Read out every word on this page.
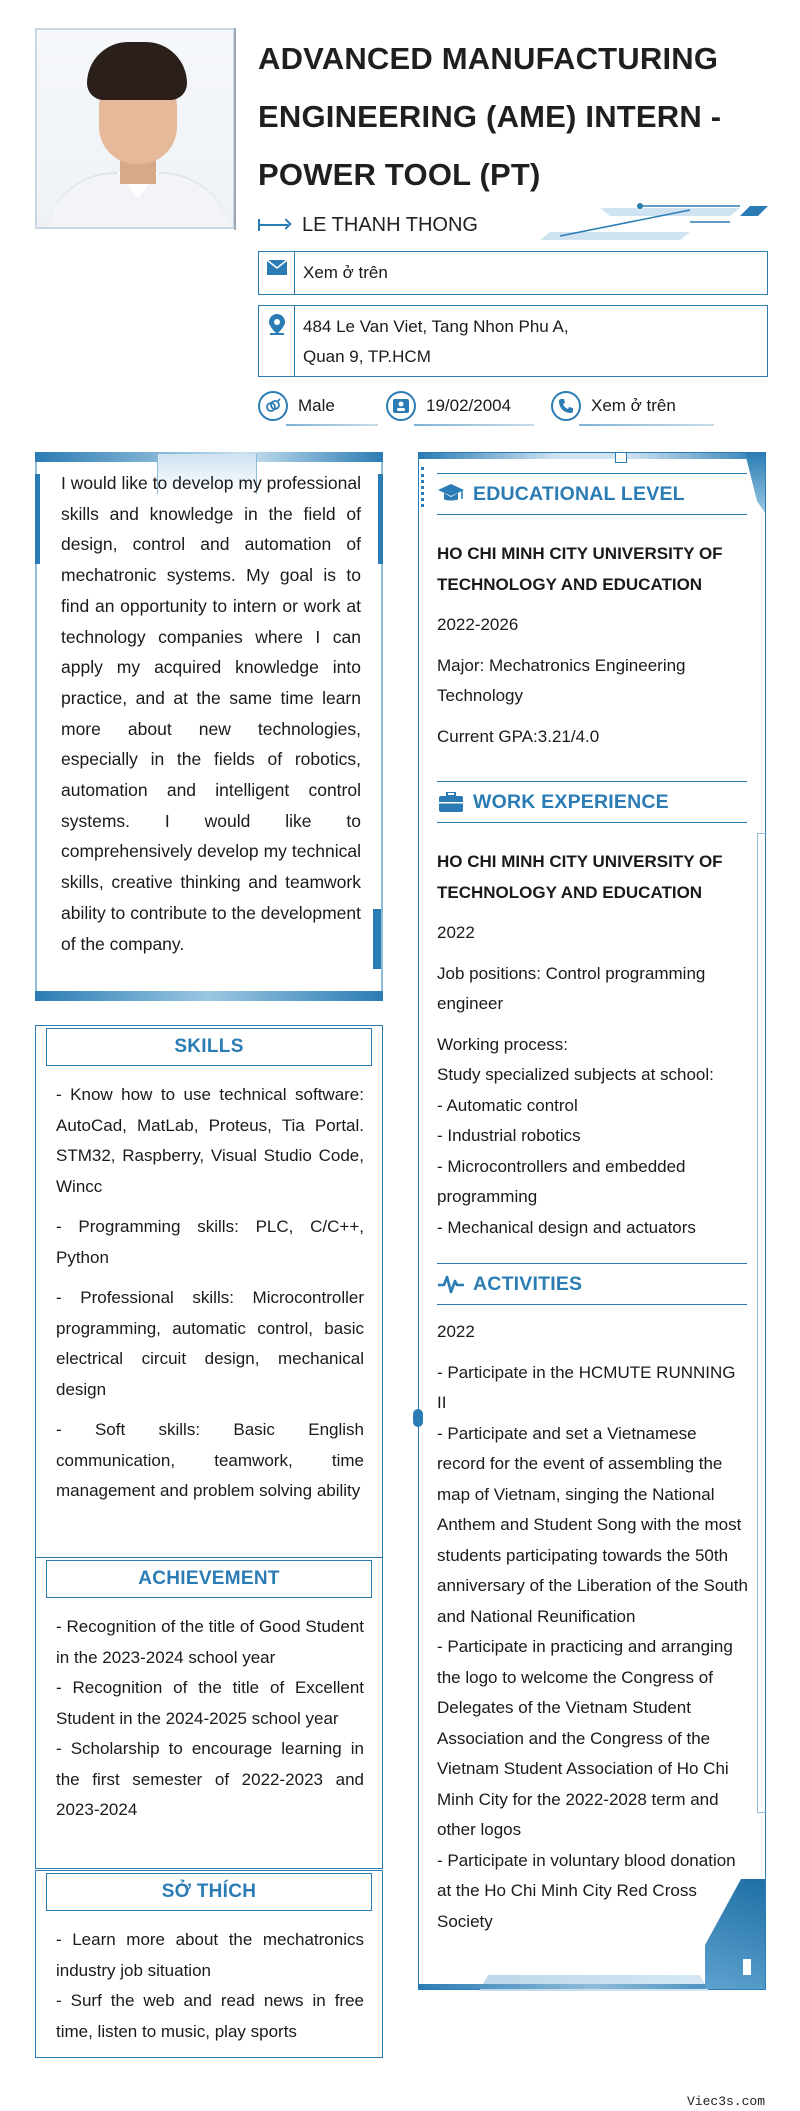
ADVANCED MANUFACTURING
ENGINEERING (AME) INTERN -
POWER TOOL (PT)
LE THANH THONG
Xem ở trên
484 Le Van Viet, Tang Nhon Phu A,
Quan 9, TP.HCM
Male	19/02/2004	Xem ở trên

I would like to develop my professional skills and knowledge in the field of design, control and automation of mechatronic systems. My goal is to find an opportunity to intern or work at technology companies where I can apply my acquired knowledge into practice, and at the same time learn more about new technologies, especially in the fields of robotics, automation and intelligent control systems. I would like to comprehensively develop my technical skills, creative thinking and teamwork ability to contribute to the development of the company.

SKILLS
- Know how to use technical software: AutoCad, MatLab, Proteus, Tia Portal. STM32, Raspberry, Visual Studio Code, Wincc
- Programming skills: PLC, C/C++, Python
- Professional skills: Microcontroller programming, automatic control, basic electrical circuit design, mechanical design
- Soft skills: Basic English communication, teamwork, time management and problem solving ability
ACHIEVEMENT
- Recognition of the title of Good Student in the 2023-2024 school year
- Recognition of the title of Excellent Student in the 2024-2025 school year
- Scholarship to encourage learning in the first semester of 2022-2023 and 2023-2024
SỞ THÍCH
- Learn more about the mechatronics industry job situation
- Surf the web and read news in free time, listen to music, play sports
EDUCATIONAL LEVEL
HO CHI MINH CITY UNIVERSITY OF TECHNOLOGY AND EDUCATION
2022-2026
Major: Mechatronics Engineering Technology
Current GPA:3.21/4.0
WORK EXPERIENCE
HO CHI MINH CITY UNIVERSITY OF TECHNOLOGY AND EDUCATION
2022
Job positions: Control programming engineer
Working process:
Study specialized subjects at school:
- Automatic control
- Industrial robotics
- Microcontrollers and embedded programming
- Mechanical design and actuators
ACTIVITIES
2022
- Participate in the HCMUTE RUNNING II
- Participate and set a Vietnamese record for the event of assembling the map of Vietnam, singing the National Anthem and Student Song with the most students participating towards the 50th anniversary of the Liberation of the South and National Reunification
- Participate in practicing and arranging the logo to welcome the Congress of Delegates of the Vietnam Student Association and the Congress of the Vietnam Student Association of Ho Chi Minh City for the 2022-2028 term and other logos
- Participate in voluntary blood donation at the Ho Chi Minh City Red Cross Society
Viec3s.com
